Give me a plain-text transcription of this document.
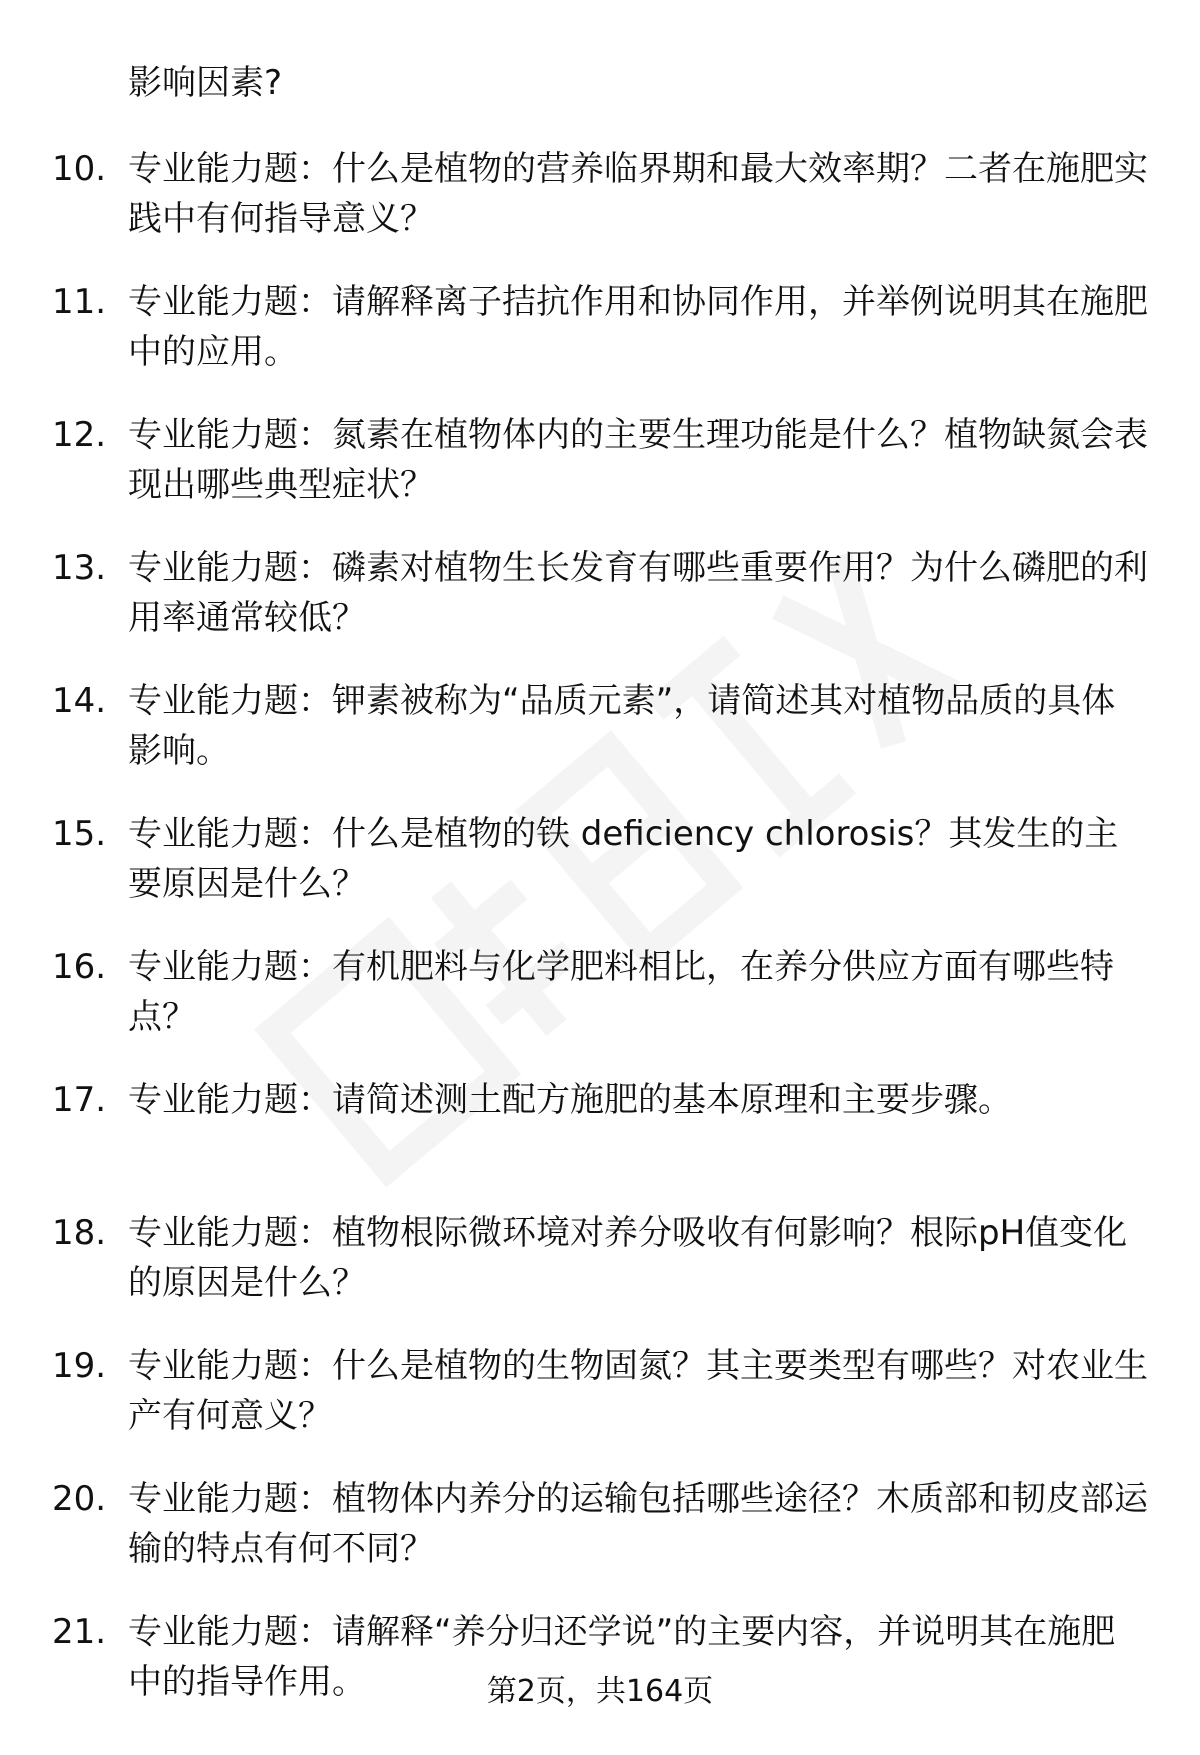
影响因素?
10. 专业能力题：什么是植物的营养临界期和最大效率期？二者在施肥实践中有何指导意义？
11. 专业能力题：请解释离子拮抗作用和协同作用，并举例说明其在施肥中的应用。
12. 专业能力题：氮素在植物体内的主要生理功能是什么？植物缺氮会表现出哪些典型症状？
13. 专业能力题：磷素对植物生长发育有哪些重要作用？为什么磷肥的利用率通常较低？
14. 专业能力题：钾素被称为“品质元素”，请简述其对植物品质的具体影响。
15. 专业能力题：什么是植物的铁 deficiency chlorosis？其发生的主要原因是什么？
16. 专业能力题：有机肥料与化学肥料相比，在养分供应方面有哪些特点？
17. 专业能力题：请简述测土配方施肥的基本原理和主要步骤。
18. 专业能力题：植物根际微环境对养分吸收有何影响？根际pH值变化的原因是什么？
19. 专业能力题：什么是植物的生物固氮？其主要类型有哪些？对农业生产有何意义？
20. 专业能力题：植物体内养分的运输包括哪些途径？木质部和韧皮部运输的特点有何不同？
21. 专业能力题：请解释“养分归还学说”的主要内容，并说明其在施肥中的指导作用。	第2页，共164页
